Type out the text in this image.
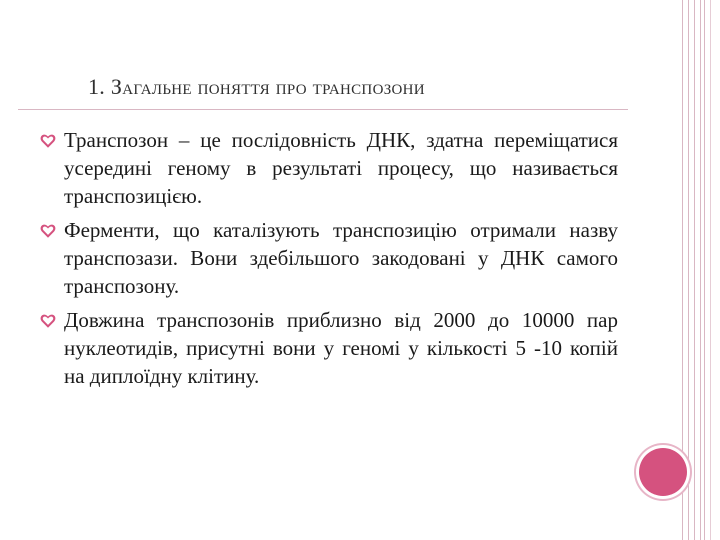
1. Загальне поняття про транспозони
Транспозон – це послідовність ДНК, здатна переміщатися усередині геному в результаті процесу, що називається транспозицією.
Ферменти, що каталізують транспозицію отримали назву транспозази. Вони здебільшого закодовані у ДНК самого транспозону.
Довжина транспозонів приблизно від 2000 до 10000 пар нуклеотидів, присутні вони у геномі у кількості 5 -10 копій на диплоїдну клітину.
